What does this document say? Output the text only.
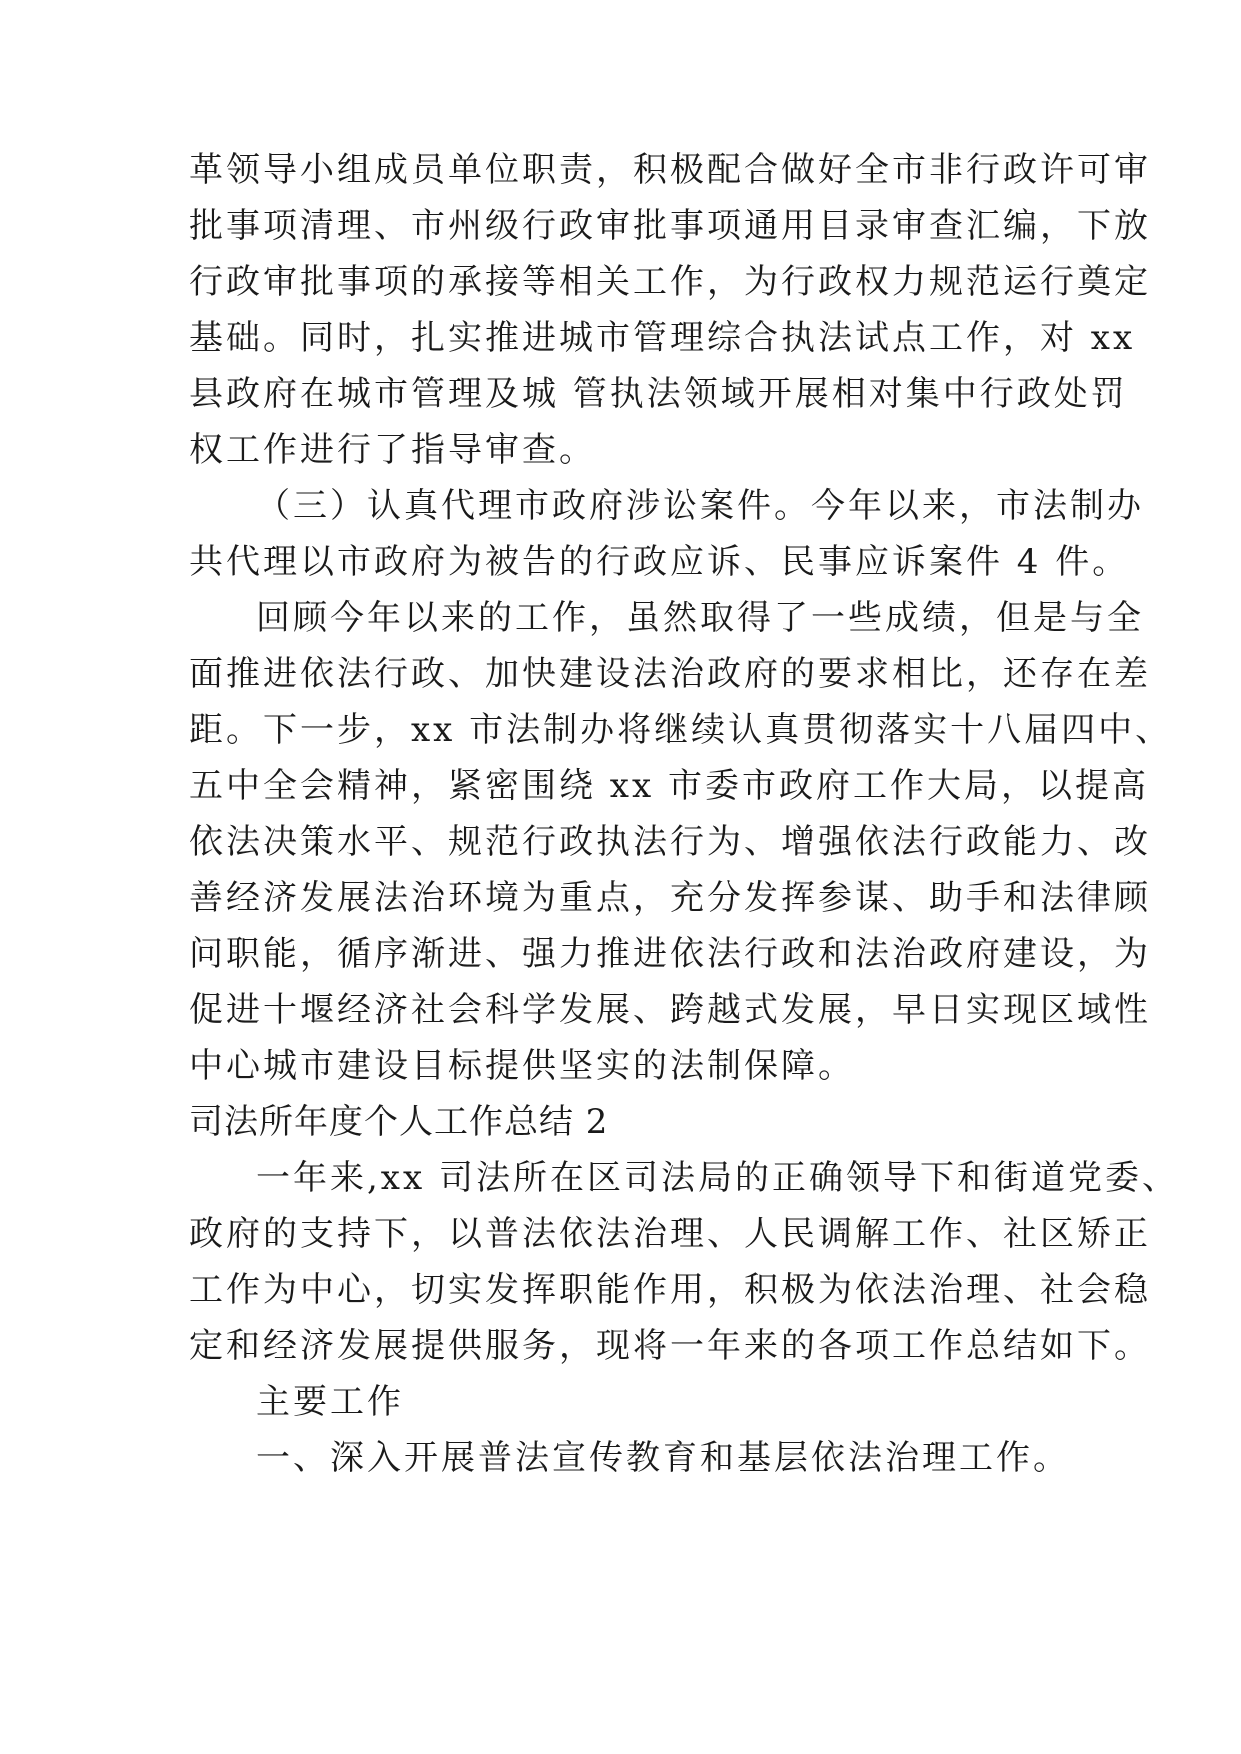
革领导小组成员单位职责，积极配合做好全市非行政许可审
批事项清理、市州级行政审批事项通用目录审查汇编，下放
行政审批事项的承接等相关工作，为行政权力规范运行奠定
基础。同时，扎实推进城市管理综合执法试点工作，对 xx
县政府在城市管理及城 管执法领域开展相对集中行政处罚
权工作进行了指导审查。
（三）认真代理市政府涉讼案件。今年以来，市法制办
共代理以市政府为被告的行政应诉、民事应诉案件 4 件。
回顾今年以来的工作，虽然取得了一些成绩，但是与全
面推进依法行政、加快建设法治政府的要求相比，还存在差
距。下一步，xx 市法制办将继续认真贯彻落实十八届四中、
五中全会精神，紧密围绕 xx 市委市政府工作大局，以提高
依法决策水平、规范行政执法行为、增强依法行政能力、改
善经济发展法治环境为重点，充分发挥参谋、助手和法律顾
问职能，循序渐进、强力推进依法行政和法治政府建设，为
促进十堰经济社会科学发展、跨越式发展，早日实现区域性
中心城市建设目标提供坚实的法制保障。
司法所年度个人工作总结 2
一年来,xx 司法所在区司法局的正确领导下和街道党委、
政府的支持下，以普法依法治理、人民调解工作、社区矫正
工作为中心，切实发挥职能作用，积极为依法治理、社会稳
定和经济发展提供服务，现将一年来的各项工作总结如下。
主要工作
一、深入开展普法宣传教育和基层依法治理工作。
